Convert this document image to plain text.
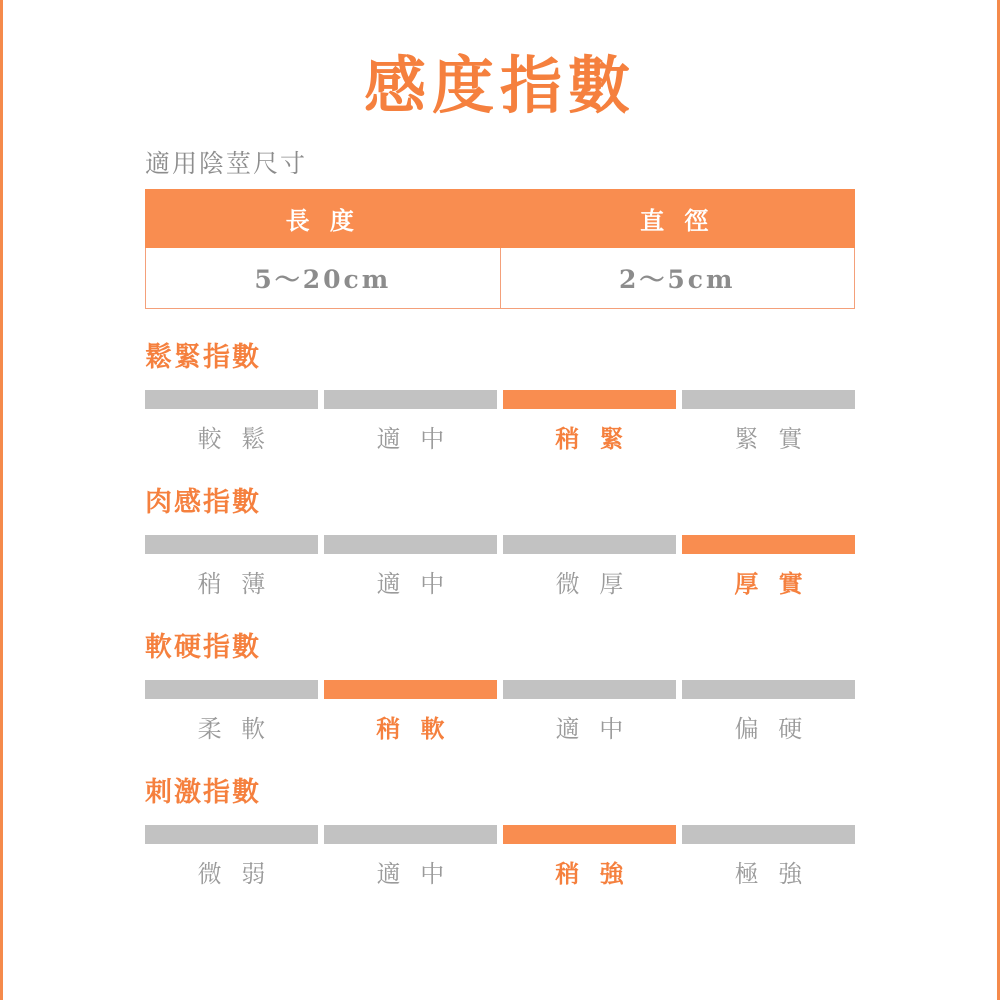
感度指數
適用陰莖尺寸
長 度	直 徑
5～20cm	2～5cm
鬆緊指數
較 鬆	適 中	稍 緊	緊 實
肉感指數
稍 薄	適 中	微 厚	厚 實
軟硬指數
柔 軟	稍 軟	適 中	偏 硬
刺激指數
微 弱	適 中	稍 強	極 強
